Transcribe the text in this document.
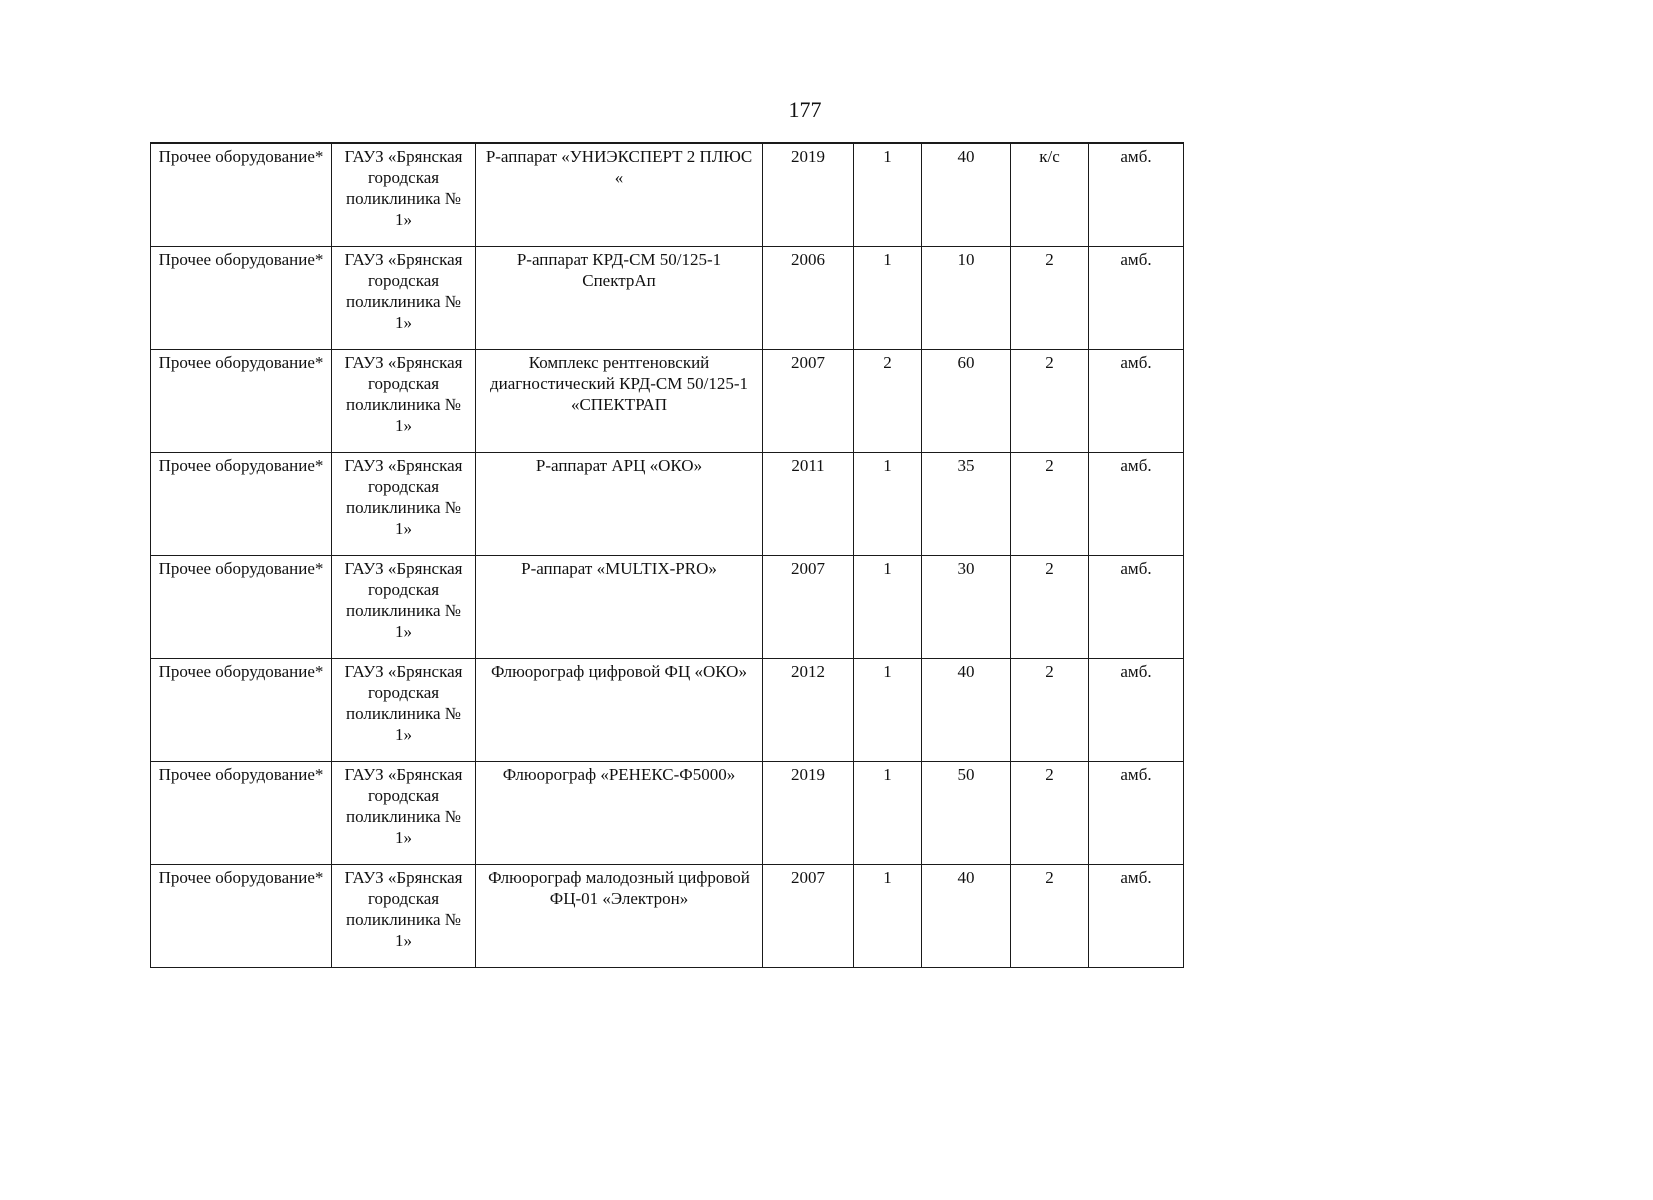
177
Прочее оборудование*	ГАУЗ «Брянская городская поликлиника № 1»	Р-аппарат «УНИЭКСПЕРТ 2 ПЛЮС «	2019	1	40	к/с	амб.
Прочее оборудование*	ГАУЗ «Брянская городская поликлиника № 1»	Р-аппарат КРД-СМ 50/125-1 СпектрАп	2006	1	10	2	амб.
Прочее оборудование*	ГАУЗ «Брянская городская поликлиника № 1»	Комплекс рентгеновский диагностический КРД-СМ 50/125-1 «СПЕКТРАП	2007	2	60	2	амб.
Прочее оборудование*	ГАУЗ «Брянская городская поликлиника № 1»	Р-аппарат АРЦ «ОКО»	2011	1	35	2	амб.
Прочее оборудование*	ГАУЗ «Брянская городская поликлиника № 1»	Р-аппарат «MULTIX-PRO»	2007	1	30	2	амб.
Прочее оборудование*	ГАУЗ «Брянская городская поликлиника № 1»	Флюорограф цифровой ФЦ «ОКО»	2012	1	40	2	амб.
Прочее оборудование*	ГАУЗ «Брянская городская поликлиника № 1»	Флюорограф «РЕНЕКС-Ф5000»	2019	1	50	2	амб.
Прочее оборудование*	ГАУЗ «Брянская городская поликлиника № 1»	Флюорограф малодозный цифровой ФЦ-01 «Электрон»	2007	1	40	2	амб.
